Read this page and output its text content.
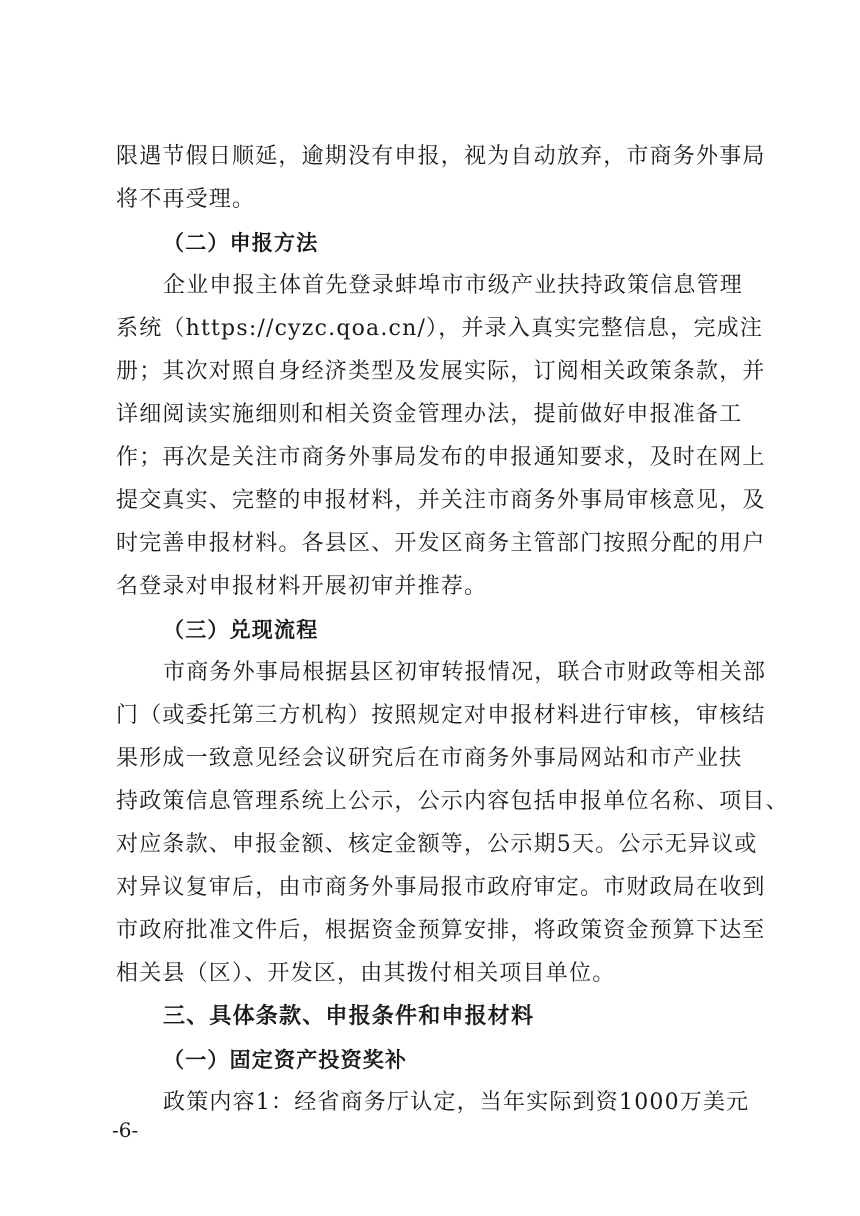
限遇节假日顺延，逾期没有申报，视为自动放弃，市商务外事局
将不再受理。
（二）申报方法
企业申报主体首先登录蚌埠市市级产业扶持政策信息管理
系统（https://cyzc.qoa.cn/），并录入真实完整信息，完成注
册；其次对照自身经济类型及发展实际，订阅相关政策条款，并
详细阅读实施细则和相关资金管理办法，提前做好申报准备工
作；再次是关注市商务外事局发布的申报通知要求，及时在网上
提交真实、完整的申报材料，并关注市商务外事局审核意见，及
时完善申报材料。各县区、开发区商务主管部门按照分配的用户
名登录对申报材料开展初审并推荐。
（三）兑现流程
市商务外事局根据县区初审转报情况，联合市财政等相关部
门（或委托第三方机构）按照规定对申报材料进行审核，审核结
果形成一致意见经会议研究后在市商务外事局网站和市产业扶
持政策信息管理系统上公示，公示内容包括申报单位名称、项目、
对应条款、申报金额、核定金额等，公示期5天。公示无异议或
对异议复审后，由市商务外事局报市政府审定。市财政局在收到
市政府批准文件后，根据资金预算安排，将政策资金预算下达至
相关县（区）、开发区，由其拨付相关项目单位。
三、具体条款、申报条件和申报材料
（一）固定资产投资奖补
政策内容1：经省商务厅认定，当年实际到资1000万美元
-6-
